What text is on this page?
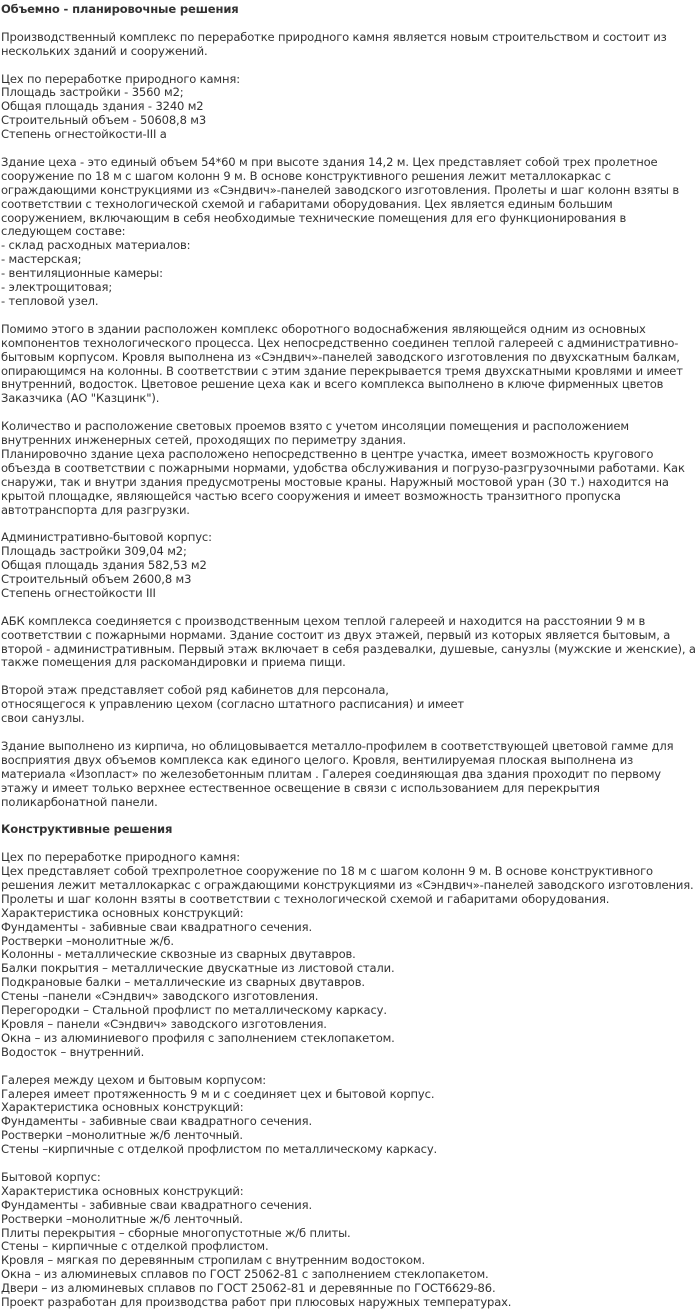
Объемно - планировочные решения

Производственный комплекс по переработке природного камня является новым строительством и состоит из нескольких зданий и сооружений.

Цех по переработке природного камня:
Площадь застройки - 3560 м2;
Общая площадь здания - 3240 м2
Строительный объем - 50608,8 м3
Степень огнестойкости-III а

Здание цеха - это единый объем 54*60 м при высоте здания 14,2 м. Цех представляет собой трех пролетное сооружение по 18 м с шагом колонн 9 м. В основе конструктивного решения лежит металлокаркас с ограждающими конструкциями из «Сэндвич»-панелей заводского изготовления. Пролеты и шаг колонн взяты в соответствии с технологической схемой и габаритами оборудования. Цех является единым большим сооружением, включающим в себя необходимые технические помещения для его функционирования в следующем составе:
- склад расходных материалов:
- мастерская;
- вентиляционные камеры:
- электрощитовая;
- тепловой узел.

Помимо этого в здании расположен комплекс оборотного водоснабжения являющейся одним из основных компонентов технологического процесса. Цех непосредственно соединен теплой галереей с административно-бытовым корпусом. Кровля выполнена из «Сэндвич»-панелей заводского изготовления по двухскатным балкам, опирающимся на колонны. В соответствии с этим здание перекрывается тремя двухскатными кровлями и имеет внутренний, водосток. Цветовое решение цеха как и всего комплекса выполнено в ключе фирменных цветов Заказчика (АО "Казцинк").

Количество и расположение световых проемов взято с учетом инсоляции помещения и расположением внутренних инженерных сетей, проходящих по периметру здания.
Планировочно здание цеха расположено непосредственно в центре участка, имеет возможность кругового объезда в соответствии с пожарными нормами, удобства обслуживания и погрузо-разгрузочными работами. Как снаружи, так и внутри здания предусмотрены мостовые краны. Наружный мостовой уран (30 т.) находится на крытой площадке, являющейся частью всего сооружения и имеет возможность транзитного пропуска автотранспорта для разгрузки.

Административно-бытовой корпус:
Площадь застройки 309,04 м2;
Общая площадь здания 582,53 м2
Строительный объем 2600,8 м3
Степень огнестойкости III

АБК комплекса соединяется с производственным цехом теплой галереей и находится на расстоянии 9 м в соответствии с пожарными нормами. Здание состоит из двух этажей, первый из которых является бытовым, а второй - административным. Первый этаж включает в себя раздевалки, душевые, санузлы (мужские и женские), а также помещения для раскомандировки и приема пищи.

Второй этаж представляет собой ряд кабинетов для персонала,
относящегося к управлению цехом (согласно штатного расписания) и имеет
свои санузлы.

Здание выполнено из кирпича, но облицовывается металло-профилем в соответствующей цветовой гамме для восприятия двух объемов комплекса как единого целого. Кровля, вентилируемая плоская выполнена из материала «Изопласт» по железобетонным плитам . Галерея соединяющая два здания проходит по первому этажу и имеет только верхнее естественное освещение в связи с использованием для перекрытия поликарбонатной панели.

Конструктивные решения

Цех по переработке природного камня:
Цех представляет собой трехпролетное сооружение по 18 м с шагом колонн 9 м. В основе конструктивного решения лежит металлокаркас с ограждающими конструкциями из «Сэндвич»-панелей заводского изготовления. Пролеты и шаг колонн взяты в соответствии с технологической схемой и габаритами оборудования.
Характеристика основных конструкций:
Фундаменты - забивные сваи квадратного сечения.
Ростверки –монолитные ж/б.
Колонны - металлические сквозные из сварных двутавров.
Балки покрытия – металлические двускатные из листовой стали.
Подкрановые балки – металлические из сварных двутавров.
Стены –панели «Сэндвич» заводского изготовления.
Перегородки – Стальной профлист по металлическому каркасу.
Кровля – панели «Сэндвич» заводского изготовления.
Окна – из алюминиевого профиля с заполнением стеклопакетом.
Водосток – внутренний.

Галерея между цехом и бытовым корпусом:
Галерея имеет протяженность 9 м и с соединяет цех и бытовой корпус.
Характеристика основных конструкций:
Фундаменты - забивные сваи квадратного сечения.
Ростверки –монолитные ж/б ленточный.
Стены –кирпичные с отделкой профлистом по металлическому каркасу.

Бытовой корпус:
Характеристика основных конструкций:
Фундаменты - забивные сваи квадратного сечения.
Ростверки –монолитные ж/б ленточный.
Плиты перекрытия – сборные многопустотные ж/б плиты.
Стены – кирпичные с отделкой профлистом.
Кровля – мягкая по деревянным стропилам с внутренним водостоком.
Окна – из алюминевых сплавов по ГОСТ 25062-81 с заполнением стеклопакетом.
Двери – из алюминевых сплавов по ГОСТ 25062-81 и деревянные по ГОСТ6629-86.
Проект разработан для производства работ при плюсовых наружных температурах.
